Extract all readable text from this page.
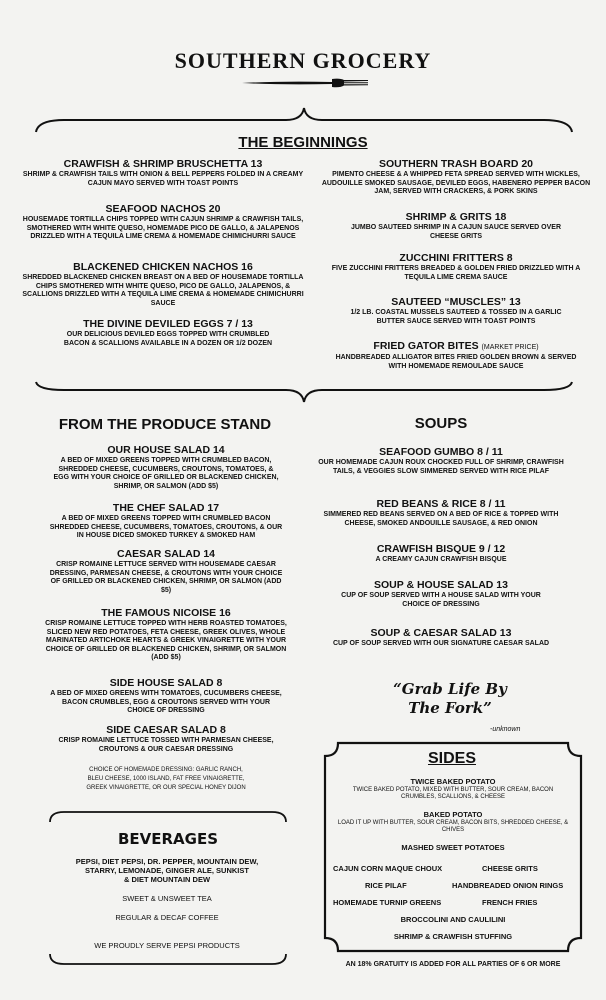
SOUTHERN GROCERY
THE BEGINNINGS
CRAWFISH & SHRIMP BRUSCHETTA 13
SHRIMP & CRAWFISH TAILS WITH ONION & BELL PEPPERS FOLDED IN A CREAMY CAJUN MAYO SERVED WITH TOAST POINTS
SEAFOOD NACHOS 20
HOUSEMADE TORTILLA CHIPS TOPPED WITH CAJUN SHRIMP & CRAWFISH TAILS, SMOTHERED WITH WHITE QUESO, HOMEMADE PICO DE GALLO, & JALAPENOS DRIZZLED WITH A TEQUILA LIME CREMA & HOMEMADE CHIMICHURRI SAUCE
BLACKENED CHICKEN NACHOS 16
SHREDDED BLACKENED CHICKEN BREAST ON A BED OF HOUSEMADE TORTILLA CHIPS SMOTHERED WITH WHITE QUESO, PICO DE GALLO, JALAPENOS, & SCALLIONS DRIZZLED WITH A TEQUILA LIME CREMA & HOMEMADE CHIMICHURRI SAUCE
THE DIVINE DEVILED EGGS 7 / 13
OUR DELICIOUS DEVILED EGGS TOPPED WITH CRUMBLED BACON & SCALLIONS AVAILABLE IN A DOZEN OR 1/2 DOZEN
SOUTHERN TRASH BOARD 20
PIMENTO CHEESE & A WHIPPED FETA SPREAD SERVED WITH WICKLES, AUDOUILLE SMOKED SAUSAGE, DEVILED EGGS, HABENERO PEPPER BACON JAM, SERVED WITH CRACKERS, & PORK SKINS
SHRIMP & GRITS 18
JUMBO SAUTEED SHRIMP IN A CAJUN SAUCE SERVED OVER CHEESE GRITS
ZUCCHINI FRITTERS 8
FIVE ZUCCHINI FRITTERS BREADED & GOLDEN FRIED DRIZZLED WITH A TEQUILA LIME CREMA SAUCE
SAUTEED “MUSCLES” 13
1/2 LB. COASTAL MUSSELS SAUTEED & TOSSED IN A GARLIC BUTTER SAUCE SERVED WITH TOAST POINTS
FRIED GATOR BITES (MARKET PRICE)
HANDBREADED ALLIGATOR BITES FRIED GOLDEN BROWN & SERVED WITH HOMEMADE REMOULADE SAUCE
FROM THE PRODUCE STAND
OUR HOUSE SALAD 14
A BED OF MIXED GREENS TOPPED WITH CRUMBLED BACON, SHREDDED CHEESE, CUCUMBERS, CROUTONS, TOMATOES, & EGG WITH YOUR CHOICE OF GRILLED OR BLACKENED CHICKEN, SHRIMP, OR SALMON (ADD $5)
THE CHEF SALAD 17
A BED OF MIXED GREENS TOPPED WITH CRUMBLED BACON SHREDDED CHEESE, CUCUMBERS, TOMATOES, CROUTONS, & OUR IN HOUSE DICED SMOKED TURKEY & SMOKED HAM
CAESAR SALAD 14
CRISP ROMAINE LETTUCE SERVED WITH HOUSEMADE CAESAR DRESSING, PARMESAN CHEESE, & CROUTONS WITH YOUR CHOICE OF GRILLED OR BLACKENED CHICKEN, SHRIMP, OR SALMON (ADD $5)
THE FAMOUS NICOISE 16
CRISP ROMAINE LETTUCE TOPPED WITH HERB ROASTED TOMATOES, SLICED NEW RED POTATOES, FETA CHEESE, GREEK OLIVES, WHOLE MARINATED ARTICHOKE HEARTS & GREEK VINAIGRETTE WITH YOUR CHOICE OF GRILLED OR BLACKENED CHICKEN, SHRIMP, OR SALMON (ADD $5)
SIDE HOUSE SALAD 8
A BED OF MIXED GREENS WITH TOMATOES, CUCUMBERS CHEESE, BACON CRUMBLES, EGG & CROUTONS SERVED WITH YOUR CHOICE OF DRESSING
SIDE CAESAR SALAD 8
CRISP ROMAINE LETTUCE TOSSED WITH PARMESAN CHEESE, CROUTONS & OUR CAESAR DRESSING
CHOICE OF HOMEMADE DRESSING: GARLIC RANCH, BLEU CHEESE, 1000 ISLAND, FAT FREE VINAIGRETTE, GREEK VINAIGRETTE, OR OUR SPECIAL HONEY DIJON
SOUPS
SEAFOOD GUMBO 8 / 11
OUR HOMEMADE CAJUN ROUX CHOCKED FULL OF SHRIMP, CRAWFISH TAILS, & VEGGIES SLOW SIMMERED SERVED WITH RICE PILAF
RED BEANS & RICE 8 / 11
SIMMERED RED BEANS SERVED ON A BED OF RICE & TOPPED WITH CHEESE, SMOKED ANDOUILLE SAUSAGE, & RED ONION
CRAWFISH BISQUE 9 / 12
A CREAMY CAJUN CRAWFISH BISQUE
SOUP & HOUSE SALAD 13
CUP OF SOUP SERVED WITH A HOUSE SALAD WITH YOUR CHOICE OF DRESSING
SOUP & CAESAR SALAD 13
CUP OF SOUP SERVED WITH OUR SIGNATURE CAESAR SALAD
“Grab Life By
The Fork”
-unknown
BEVERAGES
PEPSI, DIET PEPSI, DR. PEPPER, MOUNTAIN DEW,
STARRY, LEMONADE, GINGER ALE, SUNKIST
& DIET MOUNTAIN DEW
SWEET & UNSWEET TEA
REGULAR & DECAF COFFEE
WE PROUDLY SERVE PEPSI PRODUCTS
SIDES
TWICE BAKED POTATO
TWICE BAKED POTATO, MIXED WITH BUTTER, SOUR CREAM, BACON CRUMBLES, SCALLIONS, & CHEESE
BAKED POTATO
LOAD IT UP WITH BUTTER, SOUR CREAM, BACON BITS, SHREDDED CHEESE, & CHIVES
MASHED SWEET POTATOES
CAJUN CORN MAQUE CHOUX	CHEESE GRITS
RICE PILAF	HANDBREADED ONION RINGS
HOMEMADE TURNIP GREENS	FRENCH FRIES
BROCCOLINI AND CAULILINI
SHRIMP & CRAWFISH STUFFING
AN 18% GRATUITY IS ADDED FOR ALL PARTIES OF 6 OR MORE
